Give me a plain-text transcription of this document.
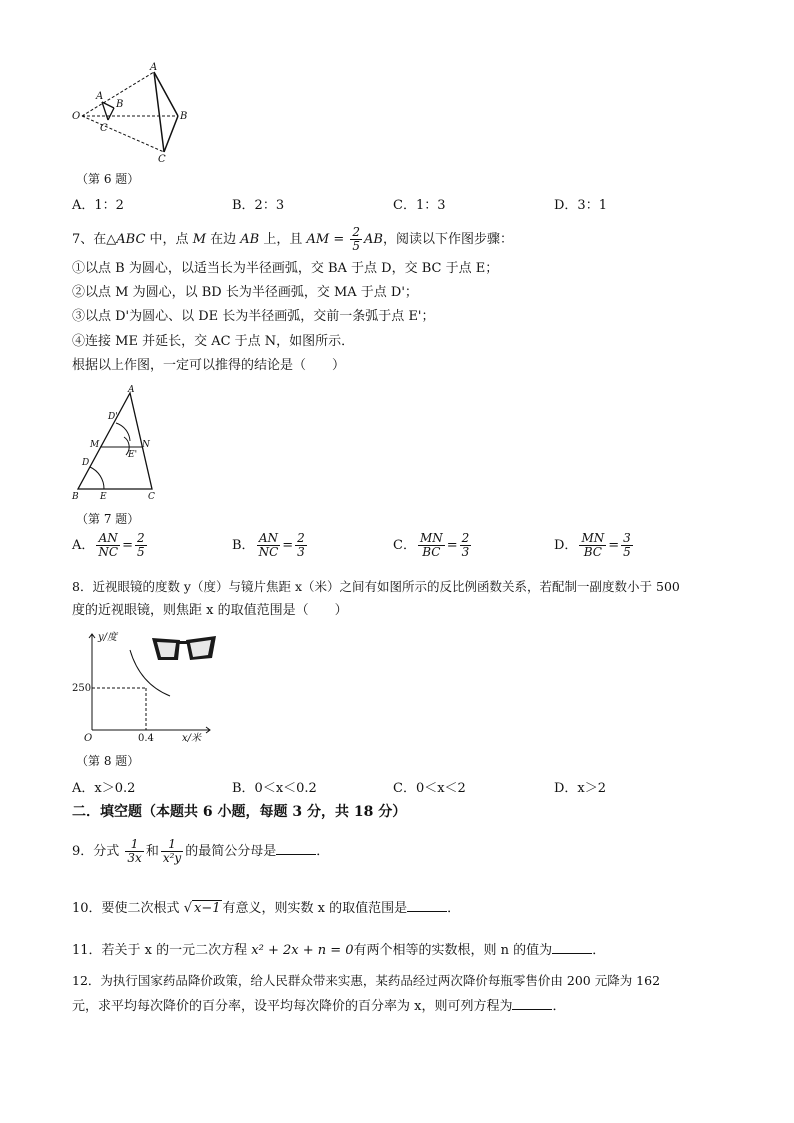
A
A
B
B
O
C
C
（第 6 题）
A．1：2	B．2：3	C．1：3	D．3：1
7、在△ABC 中，点 M 在边 AB 上，且 AM = $\frac{2}{5}$ AB，阅读以下作图步骤：
①以点 B 为圆心，以适当长为半径画弧，交 BA 于点 D，交 BC 于点 E；
②以点 M 为圆心，以 BD 长为半径画弧，交 MA 于点 D'；
③以点 D'为圆心、以 DE 长为半径画弧，交前一条弧于点 E'；
④连接 ME 并延长，交 AC 于点 N，如图所示．
根据以上作图，一定可以推得的结论是（　　）
A
D'
M	N
E'
D
B E	C
（第 7 题）
A． $\frac{AN}{NC} = \frac{2}{5}$	B． $\frac{AN}{NC} = \frac{2}{3}$	C． $\frac{MN}{BC} = \frac{2}{3}$	D． $\frac{MN}{BC} = \frac{3}{5}$
8．近视眼镜的度数 y（度）与镜片焦距 x（米）之间有如图所示的反比例函数关系，若配制一副度数小于 500
度的近视眼镜，则焦距 x 的取值范围是（　　）
y/度
x/米
O
250
0.4
（第 8 题）
A．x＞0.2	B．0＜x＜0.2	C．0＜x＜2	D．x＞2
二．填空题（本题共 6 小题，每题 3 分，共 18 分）
9．分式 $\frac{1}{3x}$ 和 $\frac{1}{\text{x²y}}$ 的最简公分母是	．
10．要使二次根式 √ x−1 有意义，则实数 x 的取值范围是	．
11．若关于 x 的一元二次方程 x² + 2x + n = 0有两个相等的实数根，则 n 的值为	．
12．为执行国家药品降价政策，给人民群众带来实惠，某药品经过两次降价每瓶零售价由 200 元降为 162
元，求平均每次降价的百分率，设平均每次降价的百分率为 x，则可列方程为	．
